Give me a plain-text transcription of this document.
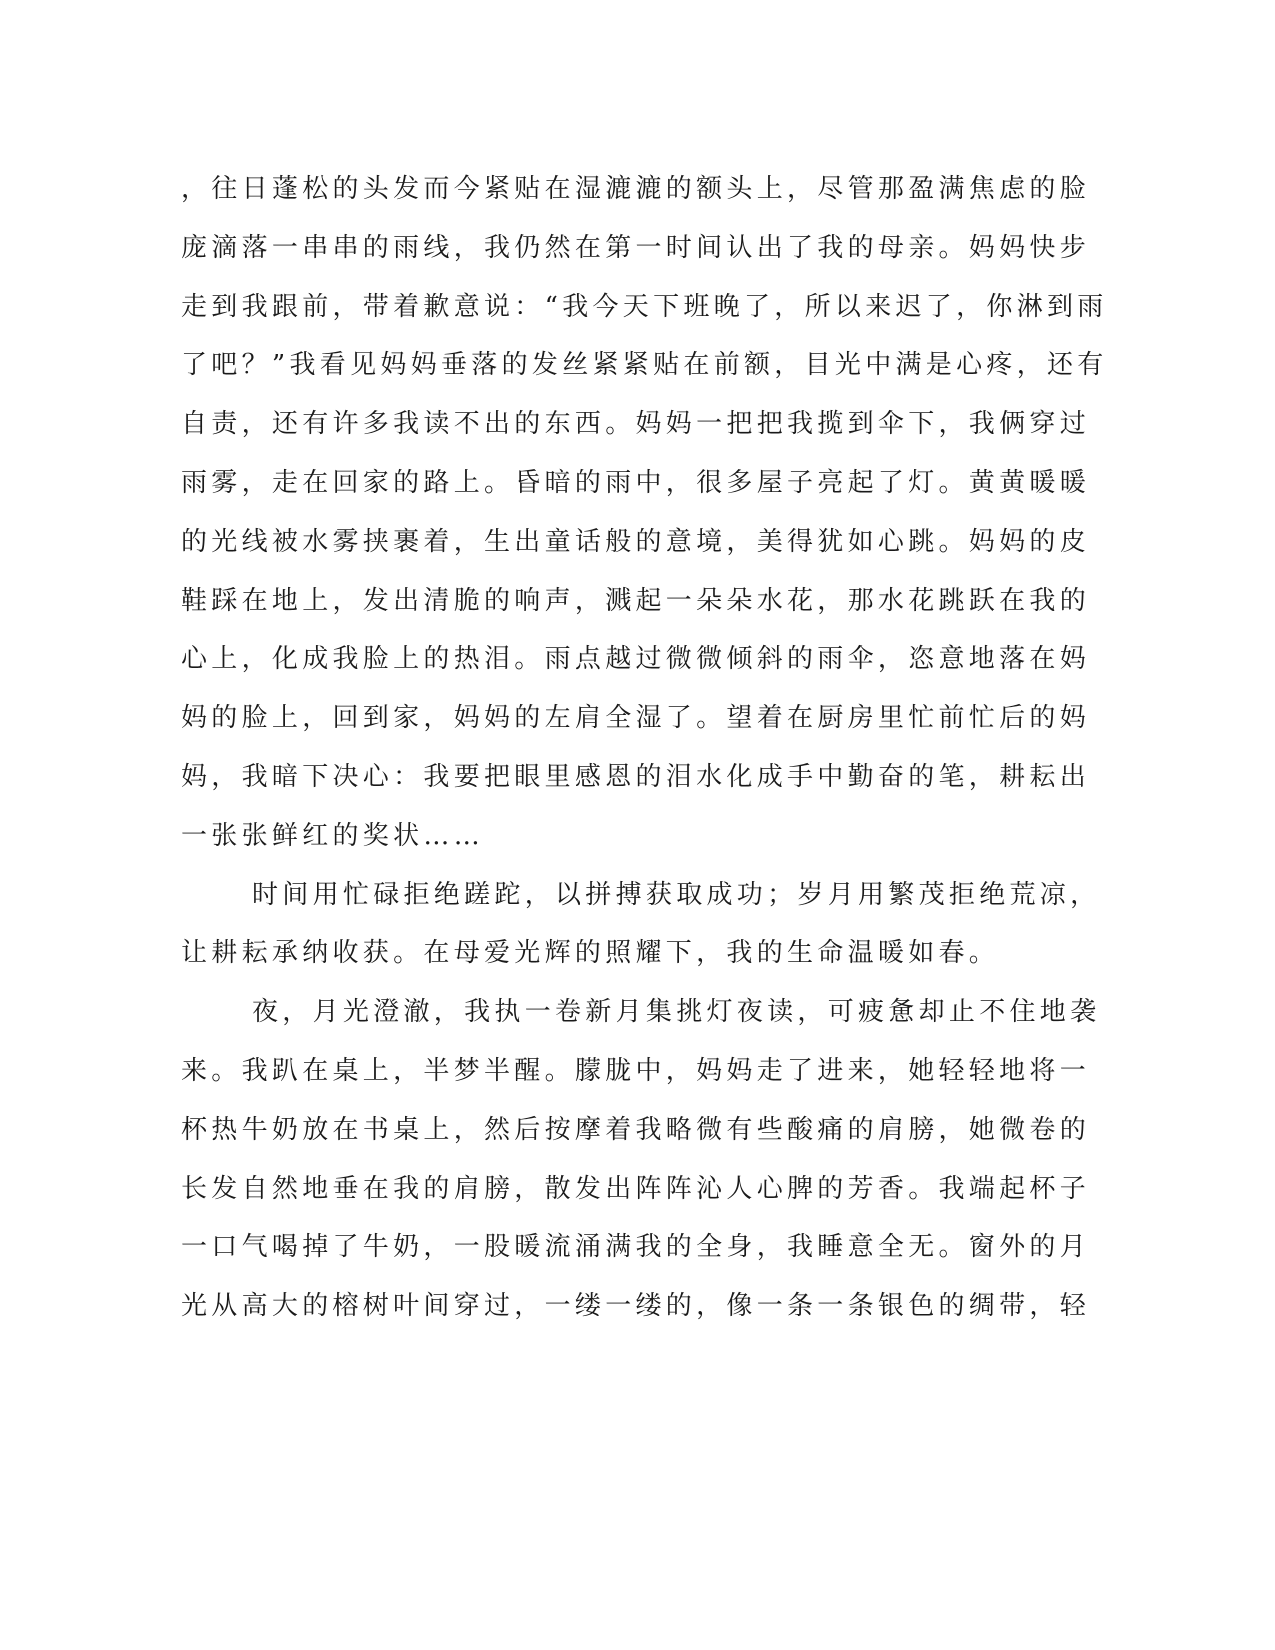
，往日蓬松的头发而今紧贴在湿漉漉的额头上，尽管那盈满焦虑的脸
庞滴落一串串的雨线，我仍然在第一时间认出了我的母亲。妈妈快步
走到我跟前，带着歉意说：“我今天下班晚了，所以来迟了，你淋到雨
了吧？”我看见妈妈垂落的发丝紧紧贴在前额，目光中满是心疼，还有
自责，还有许多我读不出的东西。妈妈一把把我揽到伞下，我俩穿过
雨雾，走在回家的路上。昏暗的雨中，很多屋子亮起了灯。黄黄暖暖
的光线被水雾挟裹着，生出童话般的意境，美得犹如心跳。妈妈的皮
鞋踩在地上，发出清脆的响声，溅起一朵朵水花，那水花跳跃在我的
心上，化成我脸上的热泪。雨点越过微微倾斜的雨伞，恣意地落在妈
妈的脸上，回到家，妈妈的左肩全湿了。望着在厨房里忙前忙后的妈
妈，我暗下决心：我要把眼里感恩的泪水化成手中勤奋的笔，耕耘出
一张张鲜红的奖状……
时间用忙碌拒绝蹉跎，以拼搏获取成功；岁月用繁茂拒绝荒凉，
让耕耘承纳收获。在母爱光辉的照耀下，我的生命温暖如春。
夜，月光澄澈，我执一卷新月集挑灯夜读，可疲惫却止不住地袭
来。我趴在桌上，半梦半醒。朦胧中，妈妈走了进来，她轻轻地将一
杯热牛奶放在书桌上，然后按摩着我略微有些酸痛的肩膀，她微卷的
长发自然地垂在我的肩膀，散发出阵阵沁人心脾的芳香。我端起杯子
一口气喝掉了牛奶，一股暖流涌满我的全身，我睡意全无。窗外的月
光从高大的榕树叶间穿过，一缕一缕的，像一条一条银色的绸带，轻
